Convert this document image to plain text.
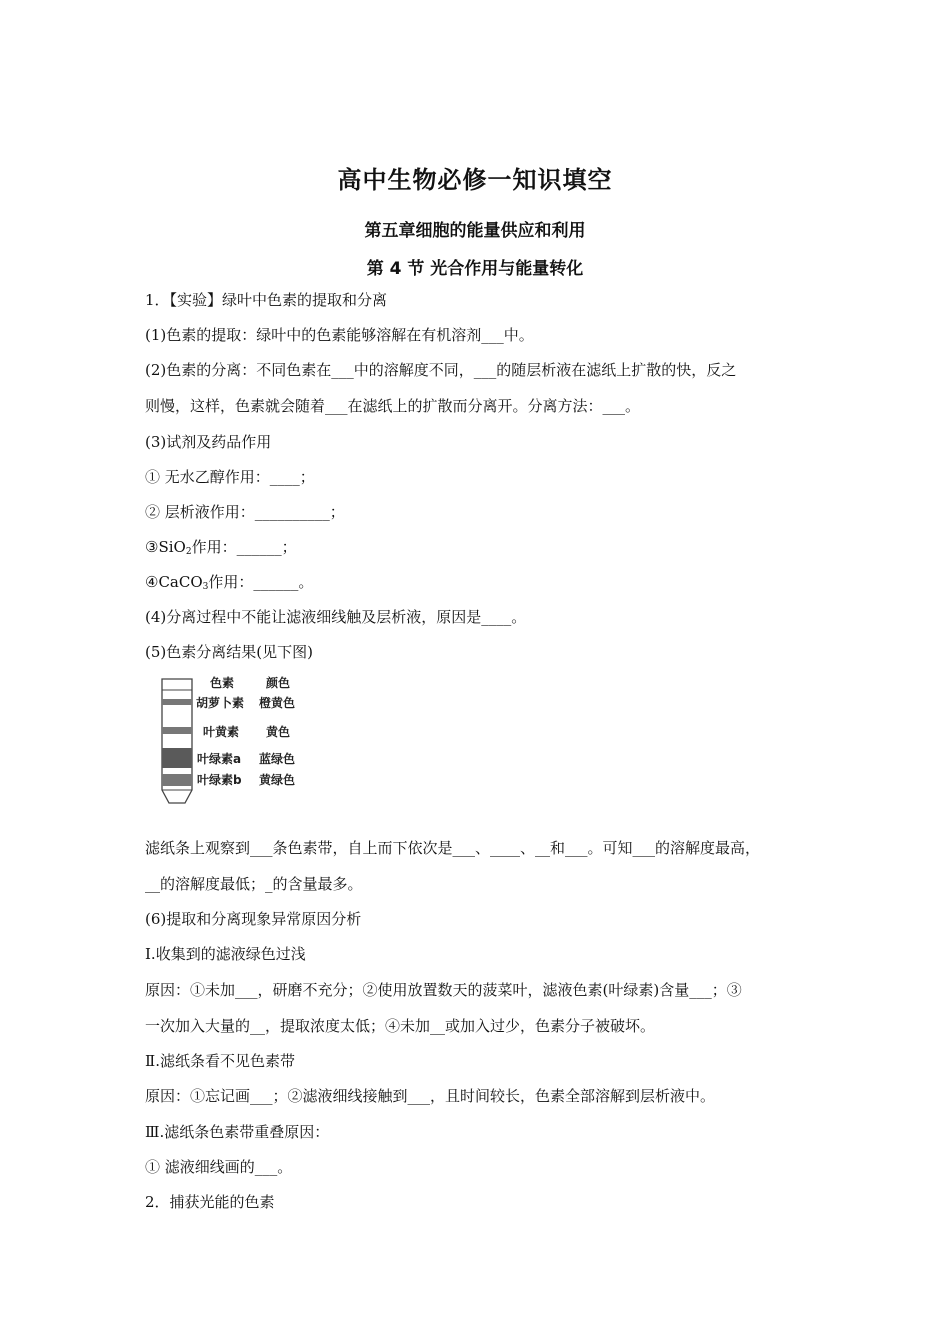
高中生物必修一知识填空
第五章细胞的能量供应和利用
第 4 节 光合作用与能量转化
1．【实验】绿叶中色素的提取和分离
(1)色素的提取：绿叶中的色素能够溶解在有机溶剂___中。
(2)色素的分离：不同色素在___中的溶解度不同，___的随层析液在滤纸上扩散的快，反之
则慢，这样，色素就会随着___在滤纸上的扩散而分离开。分离方法：___。
(3)试剂及药品作用
① 无水乙醇作用：____；
② 层析液作用：__________；
③SiO$_2$作用：______；
④CaCO$_3$作用：______。
(4)分离过程中不能让滤液细线触及层析液，原因是____。
(5)色素分离结果(见下图)
色素	颜色
胡萝卜素 橙黄色
叶黄素 黄色
叶绿素a 蓝绿色
叶绿素b 黄绿色
滤纸条上观察到___条色素带，自上而下依次是___、____、__和___。可知___的溶解度最高，
__的溶解度最低；_的含量最多。
(6)提取和分离现象异常原因分析
Ⅰ.收集到的滤液绿色过浅
原因：①未加___，研磨不充分；②使用放置数天的菠菜叶，滤液色素(叶绿素)含量___；③
一次加入大量的__，提取浓度太低；④未加__或加入过少，色素分子被破坏。
Ⅱ.滤纸条看不见色素带
原因：①忘记画___；②滤液细线接触到___，且时间较长，色素全部溶解到层析液中。
Ⅲ.滤纸条色素带重叠原因：
① 滤液细线画的___。
2．捕获光能的色素
